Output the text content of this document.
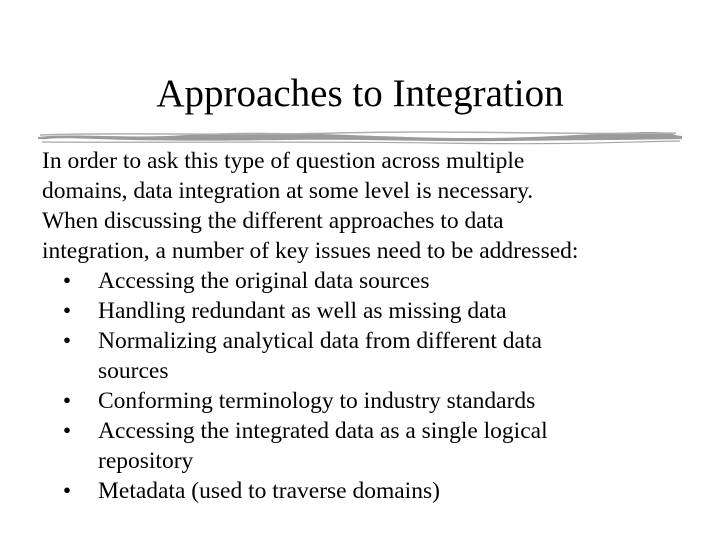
Approaches to Integration

In order to ask this type of question across multiple
domains, data integration at some level is necessary.
When discussing the different approaches to data
integration, a number of key issues need to be addressed:

• Accessing the original data sources
• Handling redundant as well as missing data
• Normalizing analytical data from different data
sources
• Conforming terminology to industry standards
• Accessing the integrated data as a single logical
repository
• Metadata (used to traverse domains)
